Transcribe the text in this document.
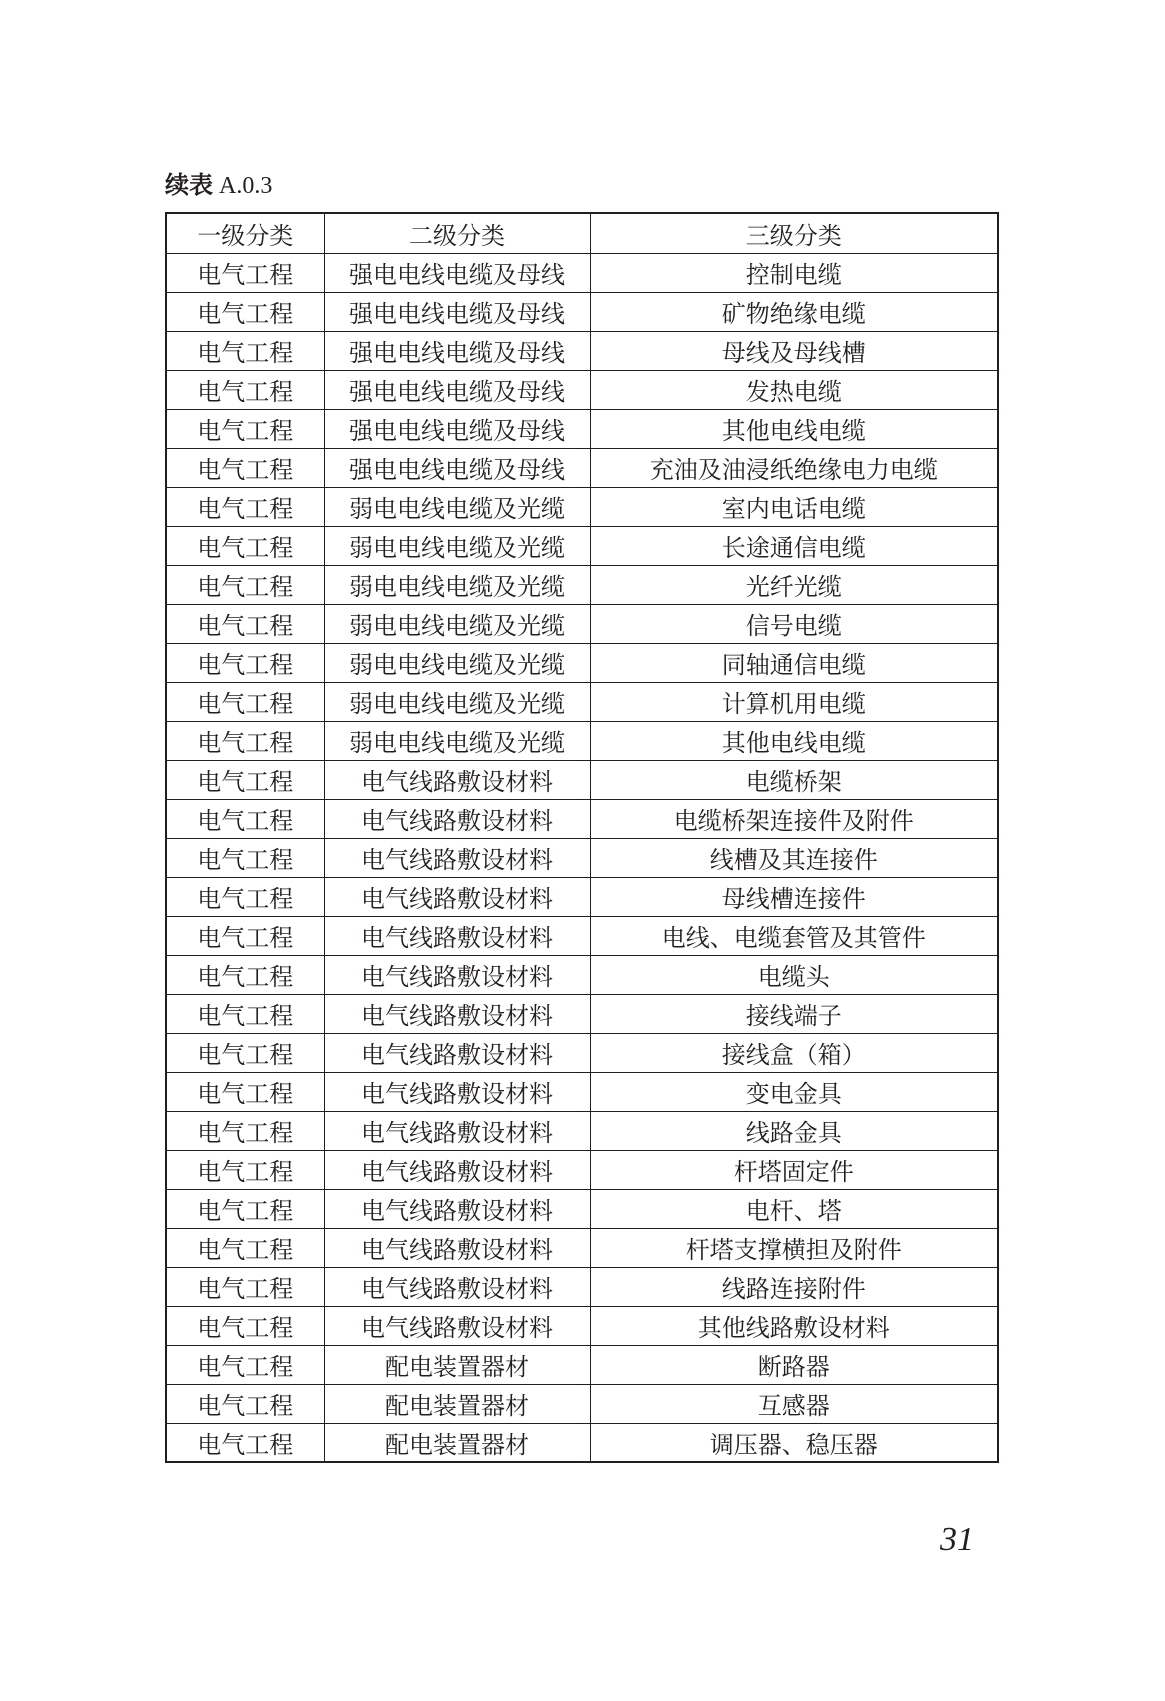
续表 A.0.3
一级分类	二级分类	三级分类
电气工程	强电电线电缆及母线	控制电缆
电气工程	强电电线电缆及母线	矿物绝缘电缆
电气工程	强电电线电缆及母线	母线及母线槽
电气工程	强电电线电缆及母线	发热电缆
电气工程	强电电线电缆及母线	其他电线电缆
电气工程	强电电线电缆及母线	充油及油浸纸绝缘电力电缆
电气工程	弱电电线电缆及光缆	室内电话电缆
电气工程	弱电电线电缆及光缆	长途通信电缆
电气工程	弱电电线电缆及光缆	光纤光缆
电气工程	弱电电线电缆及光缆	信号电缆
电气工程	弱电电线电缆及光缆	同轴通信电缆
电气工程	弱电电线电缆及光缆	计算机用电缆
电气工程	弱电电线电缆及光缆	其他电线电缆
电气工程	电气线路敷设材料	电缆桥架
电气工程	电气线路敷设材料	电缆桥架连接件及附件
电气工程	电气线路敷设材料	线槽及其连接件
电气工程	电气线路敷设材料	母线槽连接件
电气工程	电气线路敷设材料	电线、电缆套管及其管件
电气工程	电气线路敷设材料	电缆头
电气工程	电气线路敷设材料	接线端子
电气工程	电气线路敷设材料	接线盒（箱）
电气工程	电气线路敷设材料	变电金具
电气工程	电气线路敷设材料	线路金具
电气工程	电气线路敷设材料	杆塔固定件
电气工程	电气线路敷设材料	电杆、塔
电气工程	电气线路敷设材料	杆塔支撑横担及附件
电气工程	电气线路敷设材料	线路连接附件
电气工程	电气线路敷设材料	其他线路敷设材料
电气工程	配电装置器材	断路器
电气工程	配电装置器材	互感器
电气工程	配电装置器材	调压器、稳压器
31
